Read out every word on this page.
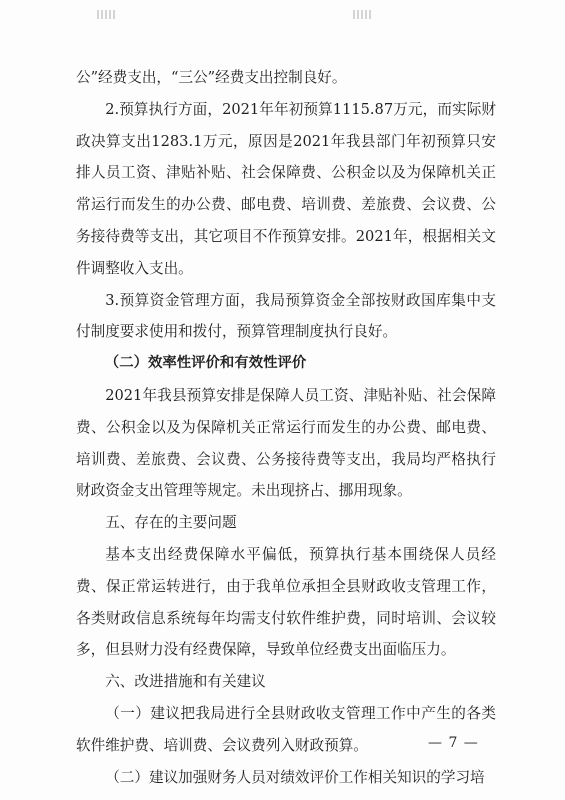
公”经费支出，“三公”经费支出控制良好。

2.预算执行方面，2021年年初预算1115.87万元，而实际财政决算支出1283.1万元，原因是2021年我县部门年初预算只安排人员工资、津贴补贴、社会保障费、公积金以及为保障机关正常运行而发生的办公费、邮电费、培训费、差旅费、会议费、公务接待费等支出，其它项目不作预算安排。2021年，根据相关文件调整收入支出。

3.预算资金管理方面，我局预算资金全部按财政国库集中支付制度要求使用和拨付，预算管理制度执行良好。

（二）效率性评价和有效性评价

2021年我县预算安排是保障人员工资、津贴补贴、社会保障费、公积金以及为保障机关正常运行而发生的办公费、邮电费、培训费、差旅费、会议费、公务接待费等支出，我局均严格执行财政资金支出管理等规定。未出现挤占、挪用现象。

五、存在的主要问题

基本支出经费保障水平偏低，预算执行基本围绕保人员经费、保正常运转进行，由于我单位承担全县财政收支管理工作，各类财政信息系统每年均需支付软件维护费，同时培训、会议较多，但县财力没有经费保障，导致单位经费支出面临压力。

六、改进措施和有关建议

（一）建议把我局进行全县财政收支管理工作中产生的各类软件维护费、培训费、会议费列入财政预算。

（二）建议加强财务人员对绩效评价工作相关知识的学习培

— 7 —
